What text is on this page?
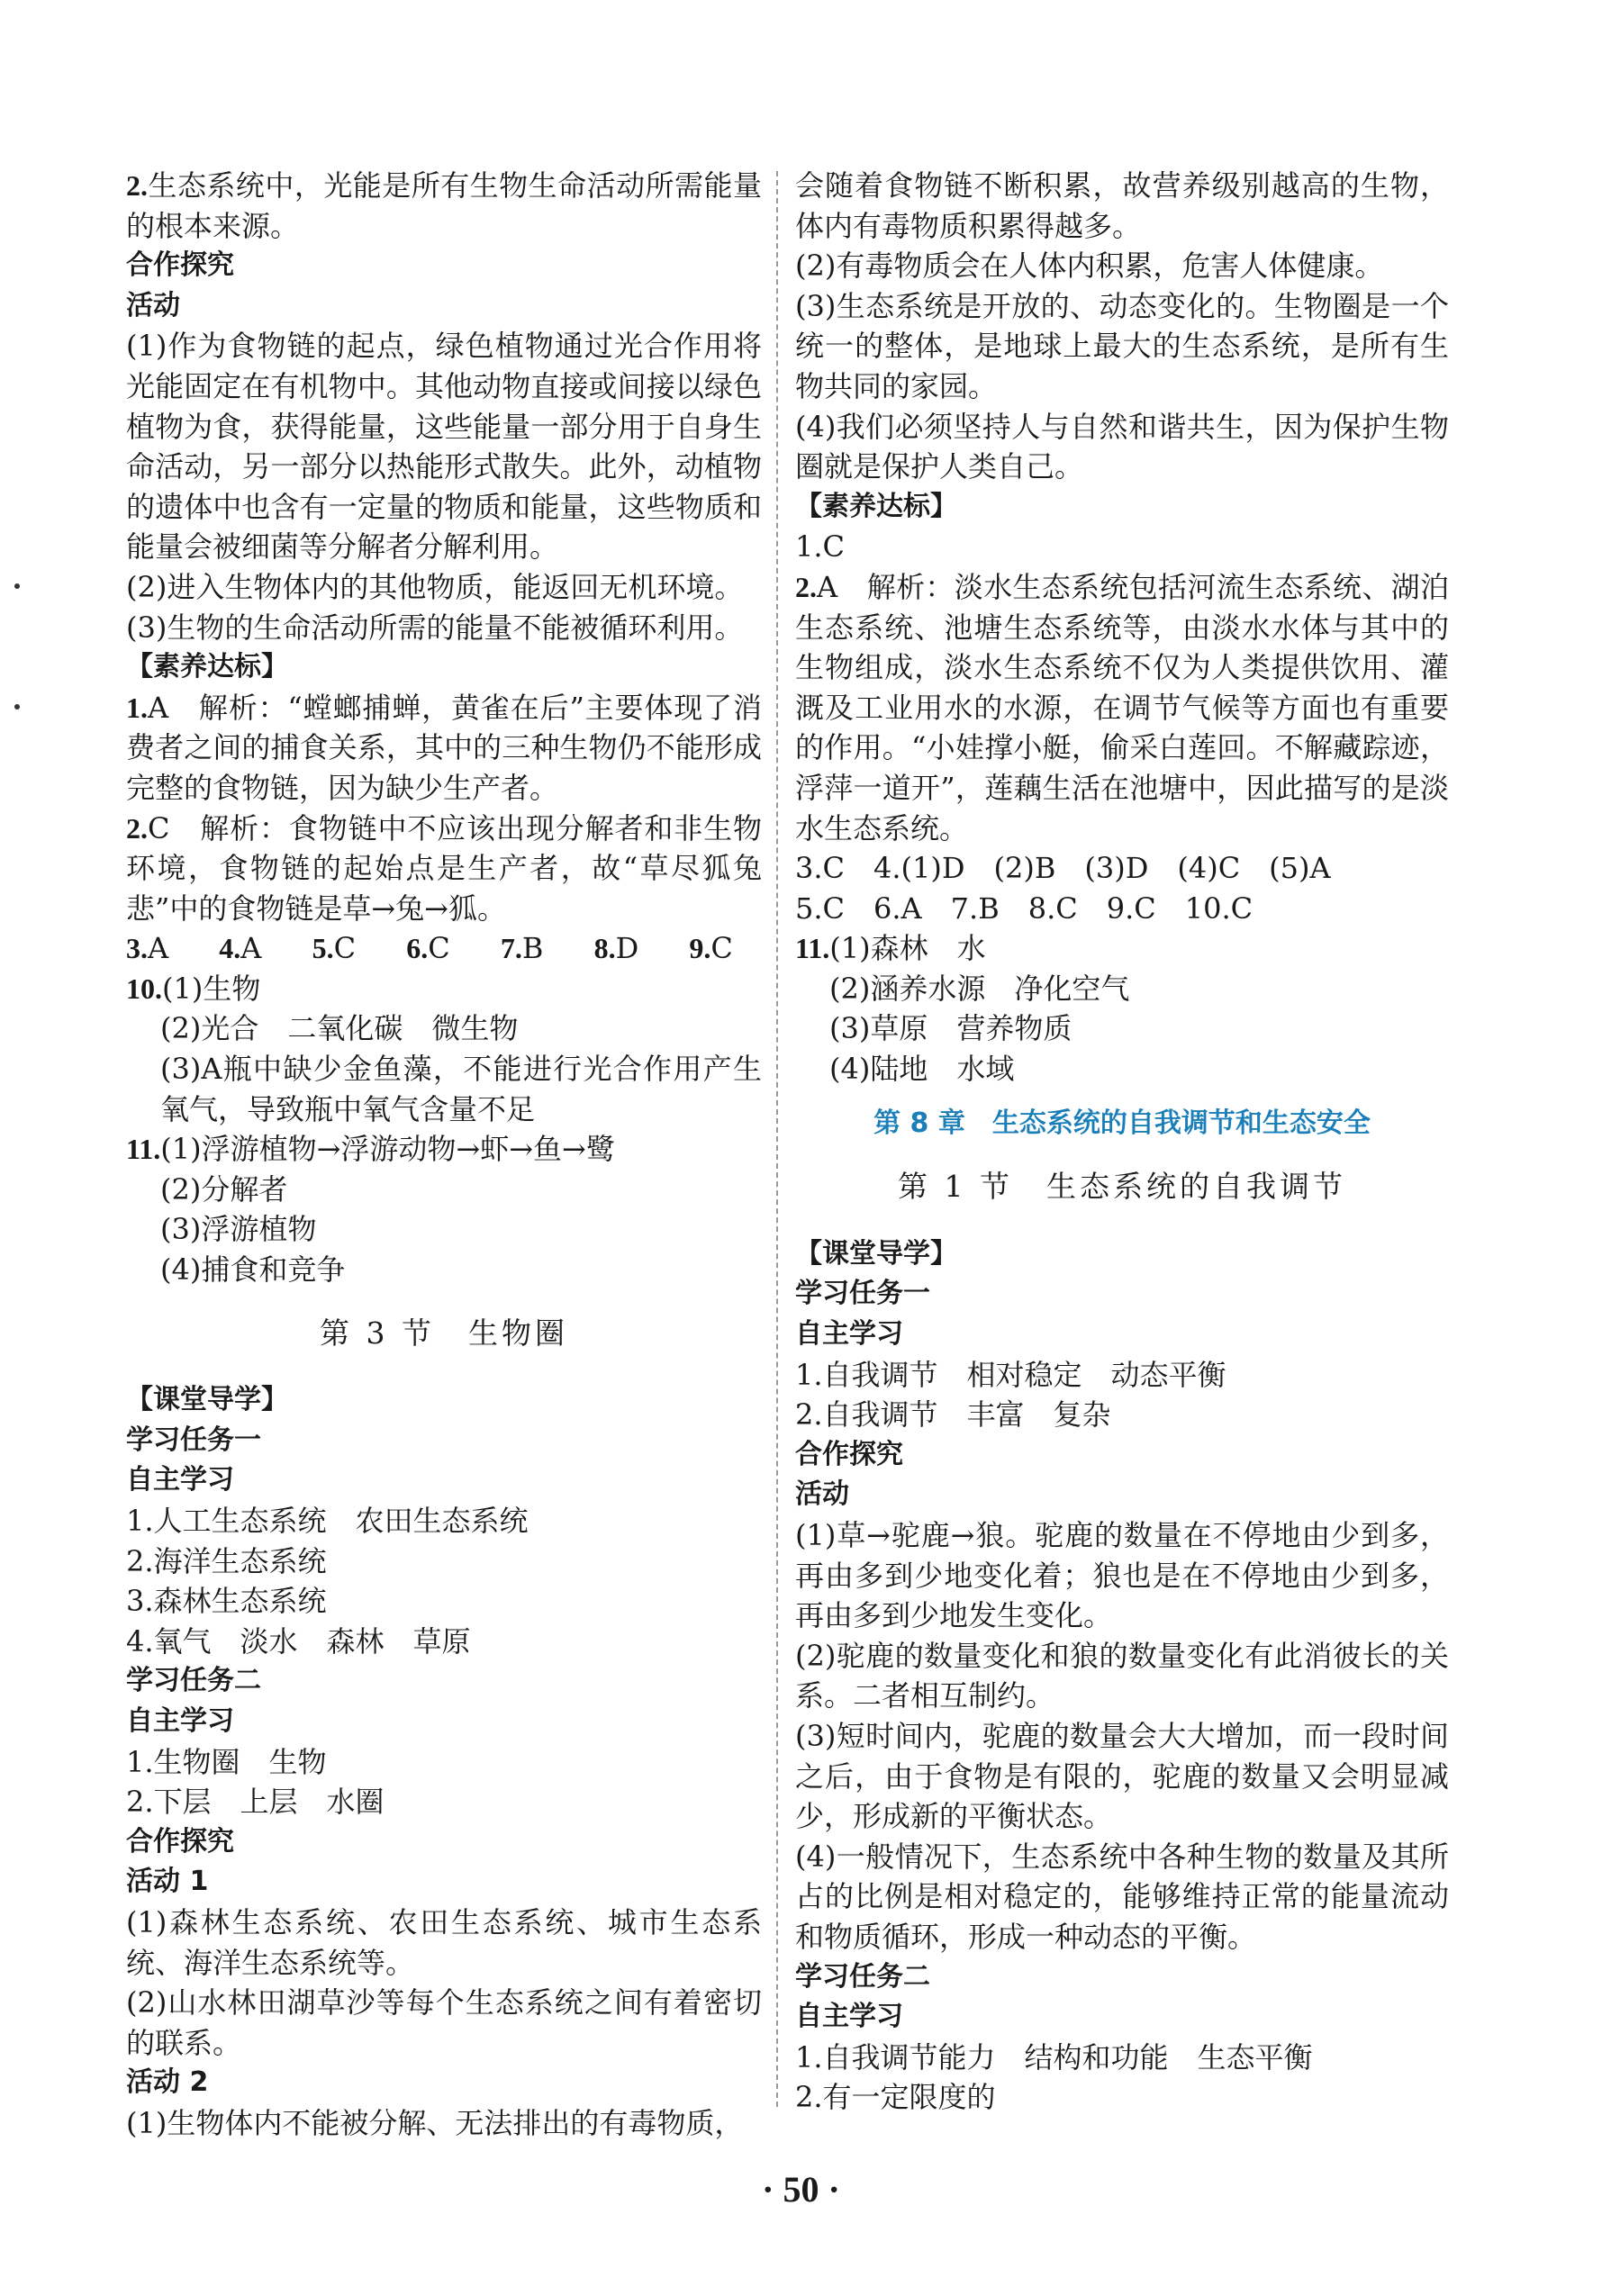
2.生态系统中，光能是所有生物生命活动所需能量的根本来源。

合作探究

活动

(1)作为食物链的起点，绿色植物通过光合作用将光能固定在有机物中。其他动物直接或间接以绿色植物为食，获得能量，这些能量一部分用于自身生命活动，另一部分以热能形式散失。此外，动植物的遗体中也含有一定量的物质和能量，这些物质和能量会被细菌等分解者分解利用。

(2)进入生物体内的其他物质，能返回无机环境。

(3)生物的生命活动所需的能量不能被循环利用。

【素养达标】

1.A　解析：“螳螂捕蝉，黄雀在后”主要体现了消费者之间的捕食关系，其中的三种生物仍不能形成完整的食物链，因为缺少生产者。

2.C　解析：食物链中不应该出现分解者和非生物环境，食物链的起始点是生产者，故“草尽狐兔悲”中的食物链是草→兔→狐。

3.A 4.A 5.C 6.C 7.B 8.D 9.C

10.(1)生物

(2)光合　二氧化碳　微生物

(3)A瓶中缺少金鱼藻，不能进行光合作用产生氧气，导致瓶中氧气含量不足

11.(1)浮游植物→浮游动物→虾→鱼→鹭

(2)分解者

(3)浮游植物

(4)捕食和竞争

第 3 节　生物圈

【课堂导学】

学习任务一

自主学习

1.人工生态系统　农田生态系统

2.海洋生态系统

3.森林生态系统

4.氧气　淡水　森林　草原

学习任务二

自主学习

1.生物圈　生物

2.下层　上层　水圈

合作探究

活动 1

(1)森林生态系统、农田生态系统、城市生态系统、海洋生态系统等。

(2)山水林田湖草沙等每个生态系统之间有着密切的联系。

活动 2

(1)生物体内不能被分解、无法排出的有毒物质，

会随着食物链不断积累，故营养级别越高的生物，体内有毒物质积累得越多。

(2)有毒物质会在人体内积累，危害人体健康。

(3)生态系统是开放的、动态变化的。生物圈是一个统一的整体，是地球上最大的生态系统，是所有生物共同的家园。

(4)我们必须坚持人与自然和谐共生，因为保护生物圈就是保护人类自己。

【素养达标】

1.C

2.A　解析：淡水生态系统包括河流生态系统、湖泊生态系统、池塘生态系统等，由淡水水体与其中的生物组成，淡水生态系统不仅为人类提供饮用、灌溉及工业用水的水源，在调节气候等方面也有重要的作用。“小娃撑小艇，偷采白莲回。不解藏踪迹，浮萍一道开”，莲藕生活在池塘中，因此描写的是淡水生态系统。

3.C　4.(1)D　(2)B　(3)D　(4)C　(5)A

5.C　6.A　7.B　8.C　9.C　10.C

11.(1)森林　水

(2)涵养水源　净化空气

(3)草原　营养物质

(4)陆地　水域

第 8 章　生态系统的自我调节和生态安全

第 1 节　生态系统的自我调节

【课堂导学】

学习任务一

自主学习

1.自我调节　相对稳定　动态平衡

2.自我调节　丰富　复杂

合作探究

活动

(1)草→驼鹿→狼。驼鹿的数量在不停地由少到多，再由多到少地变化着；狼也是在不停地由少到多，再由多到少地发生变化。

(2)驼鹿的数量变化和狼的数量变化有此消彼长的关系。二者相互制约。

(3)短时间内，驼鹿的数量会大大增加，而一段时间之后，由于食物是有限的，驼鹿的数量又会明显减少，形成新的平衡状态。

(4)一般情况下，生态系统中各种生物的数量及其所占的比例是相对稳定的，能够维持正常的能量流动和物质循环，形成一种动态的平衡。

学习任务二

自主学习

1.自我调节能力　结构和功能　生态平衡

2.有一定限度的

· 50 ·
